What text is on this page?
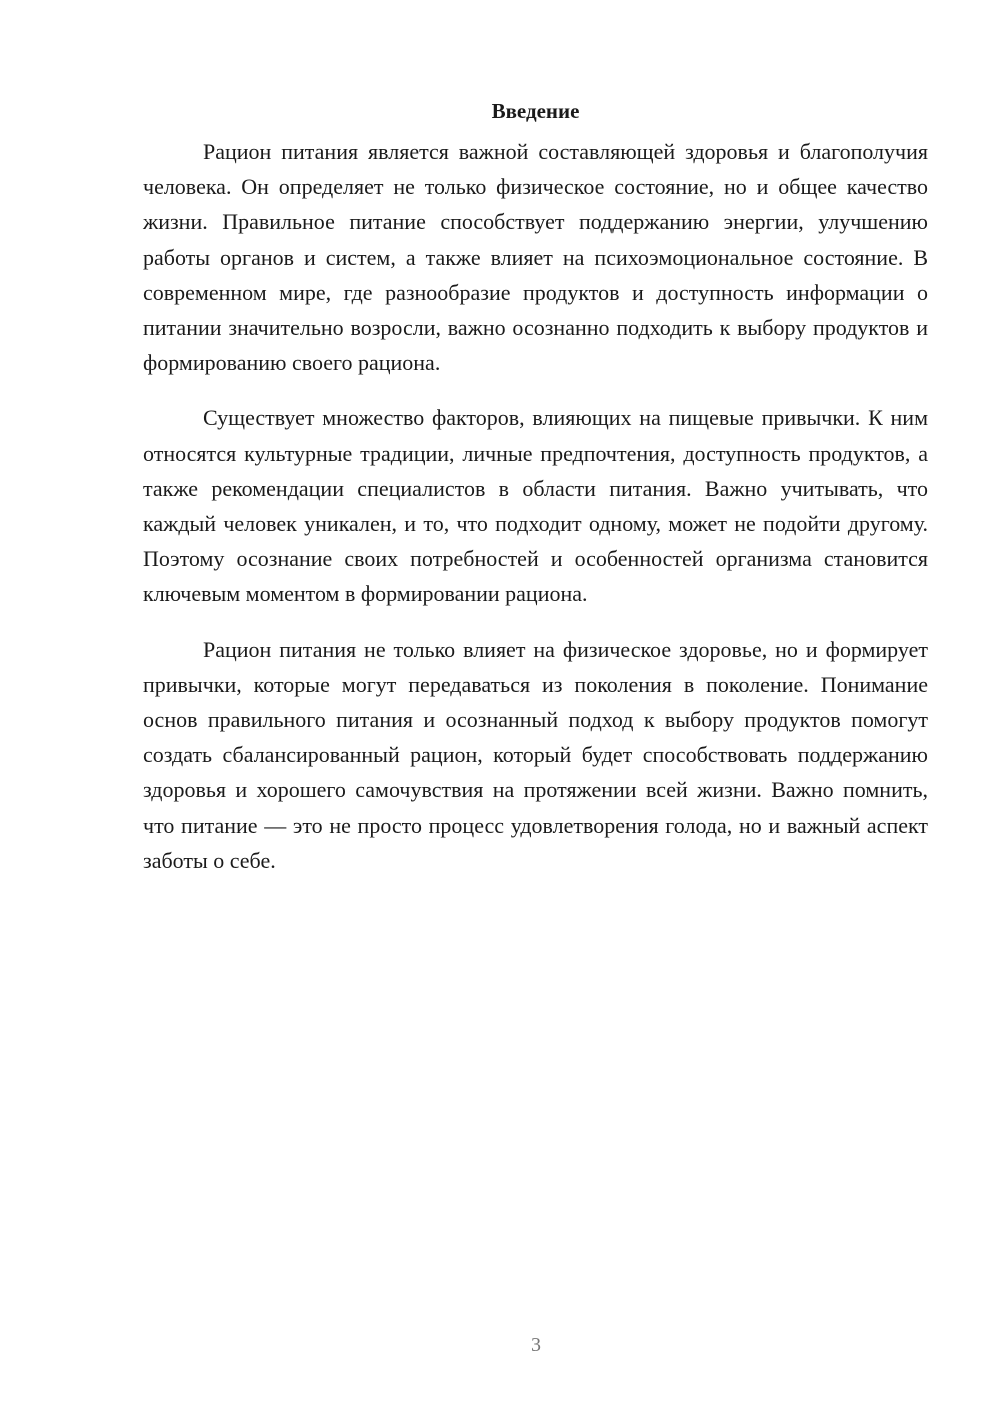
Введение

Рацион питания является важной составляющей здоровья и благополучия человека. Он определяет не только физическое состояние, но и общее качество жизни. Правильное питание способствует поддержанию энергии, улучшению работы органов и систем, а также влияет на психоэмоциональное состояние. В современном мире, где разнообразие продуктов и доступность информации о питании значительно возросли, важно осознанно подходить к выбору продуктов и формированию своего рациона.

Существует множество факторов, влияющих на пищевые привычки. К ним относятся культурные традиции, личные предпочтения, доступность продуктов, а также рекомендации специалистов в области питания. Важно учитывать, что каждый человек уникален, и то, что подходит одному, может не подойти другому. Поэтому осознание своих потребностей и особенностей организма становится ключевым моментом в формировании рациона.

Рацион питания не только влияет на физическое здоровье, но и формирует привычки, которые могут передаваться из поколения в поколение. Понимание основ правильного питания и осознанный подход к выбору продуктов помогут создать сбалансированный рацион, который будет способствовать поддержанию здоровья и хорошего самочувствия на протяжении всей жизни. Важно помнить, что питание — это не просто процесс удовлетворения голода, но и важный аспект заботы о себе.

3
